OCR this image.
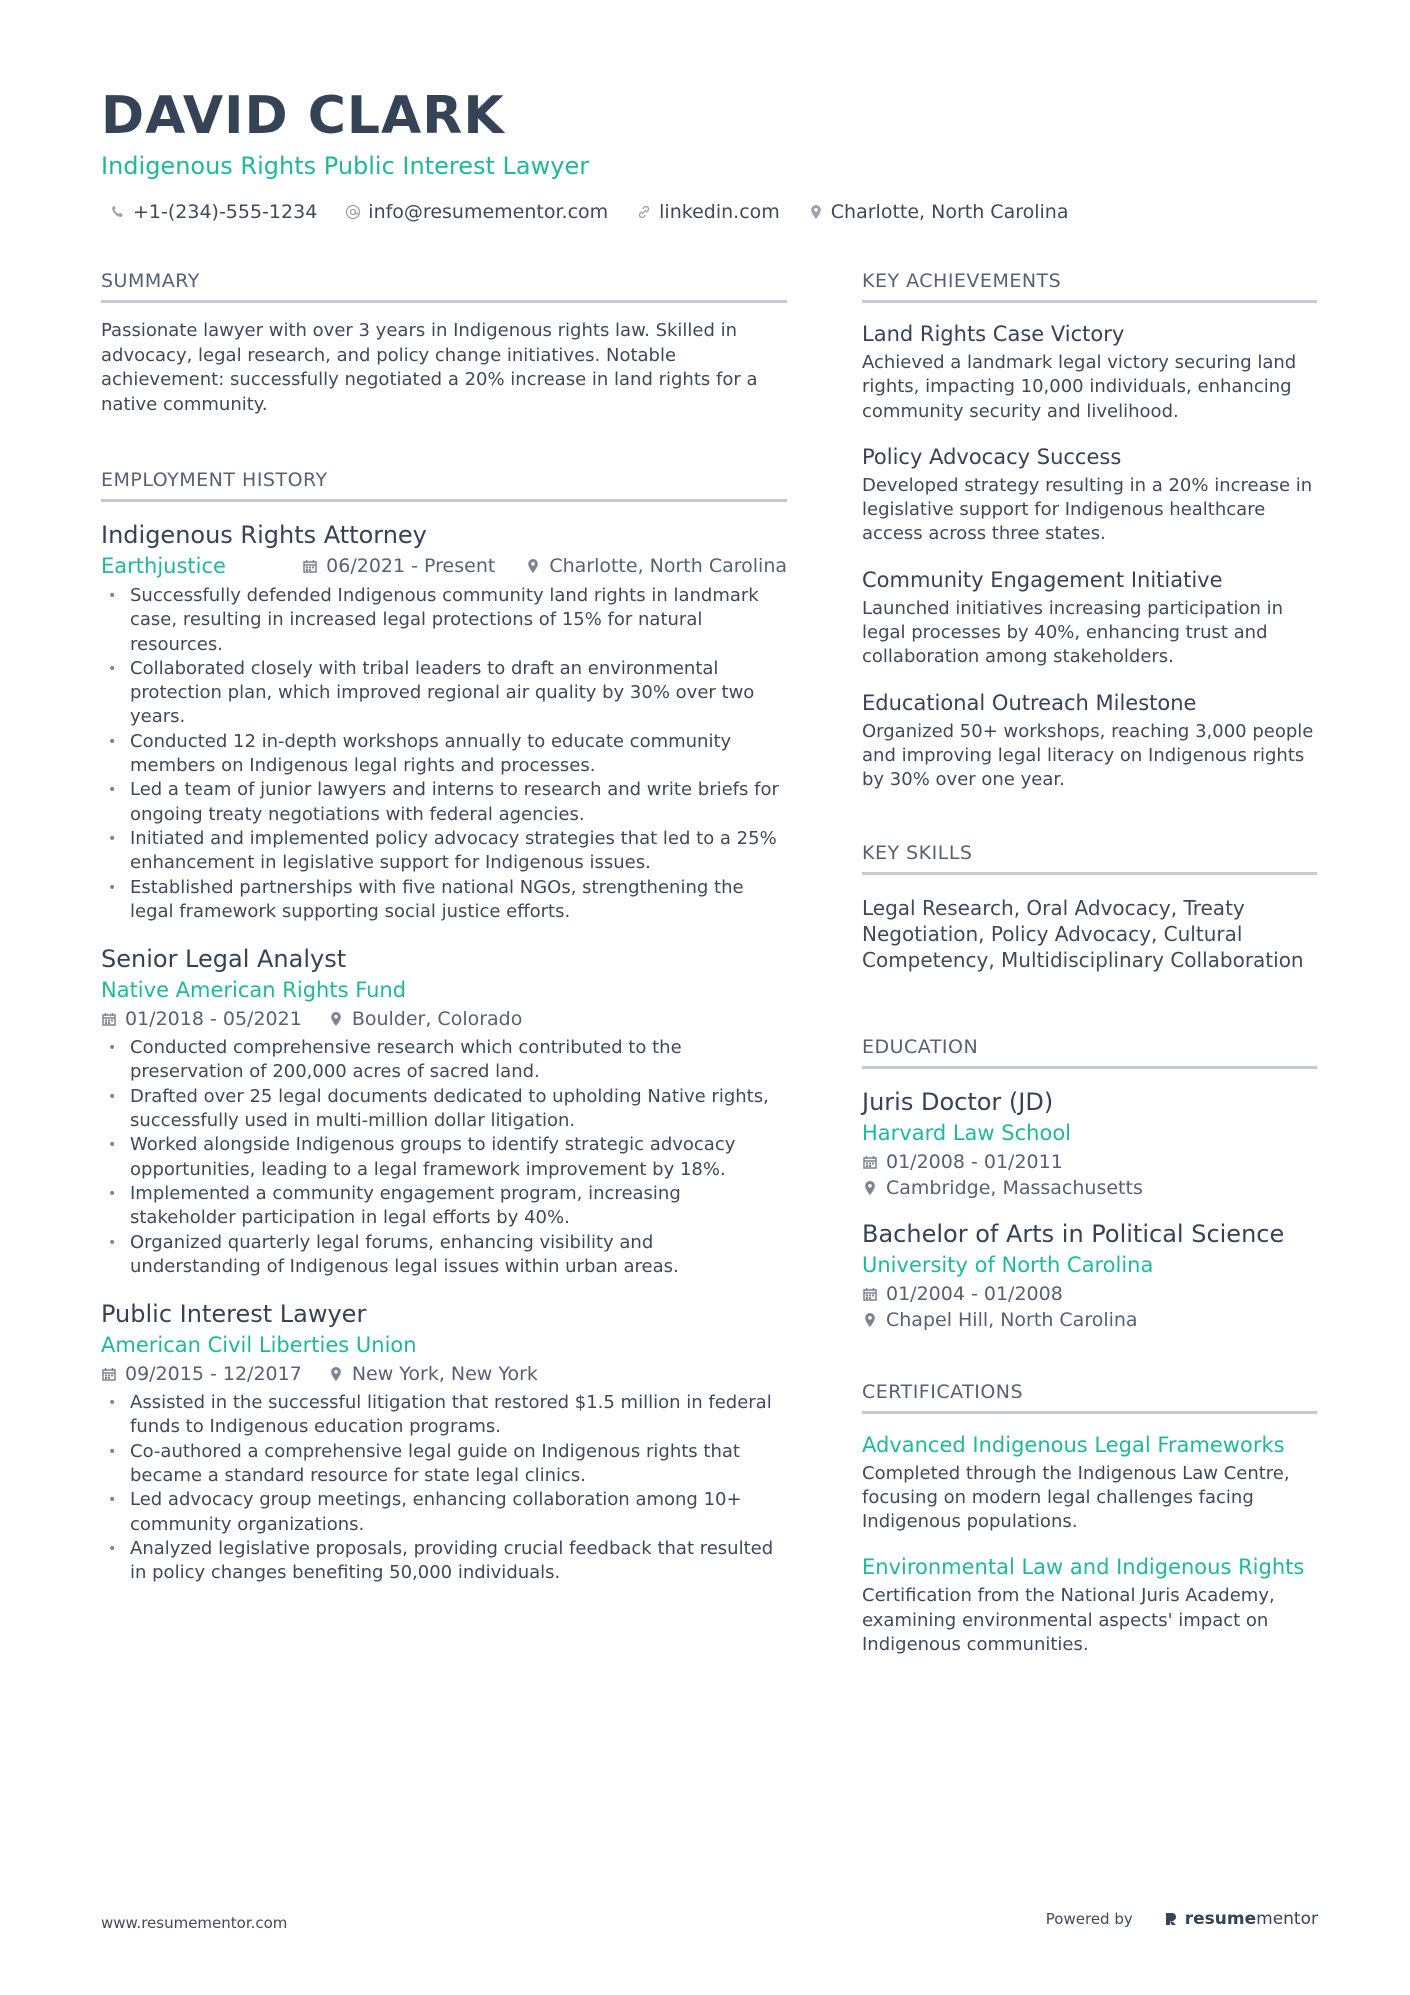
DAVID CLARK
Indigenous Rights Public Interest Lawyer
+1-(234)-555-1234	info@resumementor.com	linkedin.com	Charlotte, North Carolina
SUMMARY
Passionate lawyer with over 3 years in Indigenous rights law. Skilled in advocacy, legal research, and policy change initiatives. Notable achievement: successfully negotiated a 20% increase in land rights for a native community.
EMPLOYMENT HISTORY
Indigenous Rights Attorney
Earthjustice	06/2021 - Present	Charlotte, North Carolina
• Successfully defended Indigenous community land rights in landmark case, resulting in increased legal protections of 15% for natural resources.
• Collaborated closely with tribal leaders to draft an environmental protection plan, which improved regional air quality by 30% over two years.
• Conducted 12 in-depth workshops annually to educate community members on Indigenous legal rights and processes.
• Led a team of junior lawyers and interns to research and write briefs for ongoing treaty negotiations with federal agencies.
• Initiated and implemented policy advocacy strategies that led to a 25% enhancement in legislative support for Indigenous issues.
• Established partnerships with five national NGOs, strengthening the legal framework supporting social justice efforts.
Senior Legal Analyst
Native American Rights Fund
01/2018 - 05/2021	Boulder, Colorado
• Conducted comprehensive research which contributed to the preservation of 200,000 acres of sacred land.
• Drafted over 25 legal documents dedicated to upholding Native rights, successfully used in multi-million dollar litigation.
• Worked alongside Indigenous groups to identify strategic advocacy opportunities, leading to a legal framework improvement by 18%.
• Implemented a community engagement program, increasing stakeholder participation in legal efforts by 40%.
• Organized quarterly legal forums, enhancing visibility and understanding of Indigenous legal issues within urban areas.
Public Interest Lawyer
American Civil Liberties Union
09/2015 - 12/2017	New York, New York
• Assisted in the successful litigation that restored $1.5 million in federal funds to Indigenous education programs.
• Co-authored a comprehensive legal guide on Indigenous rights that became a standard resource for state legal clinics.
• Led advocacy group meetings, enhancing collaboration among 10+ community organizations.
• Analyzed legislative proposals, providing crucial feedback that resulted in policy changes benefiting 50,000 individuals.
KEY ACHIEVEMENTS
Land Rights Case Victory
Achieved a landmark legal victory securing land rights, impacting 10,000 individuals, enhancing community security and livelihood.
Policy Advocacy Success
Developed strategy resulting in a 20% increase in legislative support for Indigenous healthcare access across three states.
Community Engagement Initiative
Launched initiatives increasing participation in legal processes by 40%, enhancing trust and collaboration among stakeholders.
Educational Outreach Milestone
Organized 50+ workshops, reaching 3,000 people and improving legal literacy on Indigenous rights by 30% over one year.
KEY SKILLS
Legal Research, Oral Advocacy, Treaty Negotiation, Policy Advocacy, Cultural Competency, Multidisciplinary Collaboration
EDUCATION
Juris Doctor (JD)
Harvard Law School
01/2008 - 01/2011
Cambridge, Massachusetts
Bachelor of Arts in Political Science
University of North Carolina
01/2004 - 01/2008
Chapel Hill, North Carolina
CERTIFICATIONS
Advanced Indigenous Legal Frameworks
Completed through the Indigenous Law Centre, focusing on modern legal challenges facing Indigenous populations.
Environmental Law and Indigenous Rights
Certification from the National Juris Academy, examining environmental aspects' impact on Indigenous communities.
www.resumementor.com	Powered by	resumementor
